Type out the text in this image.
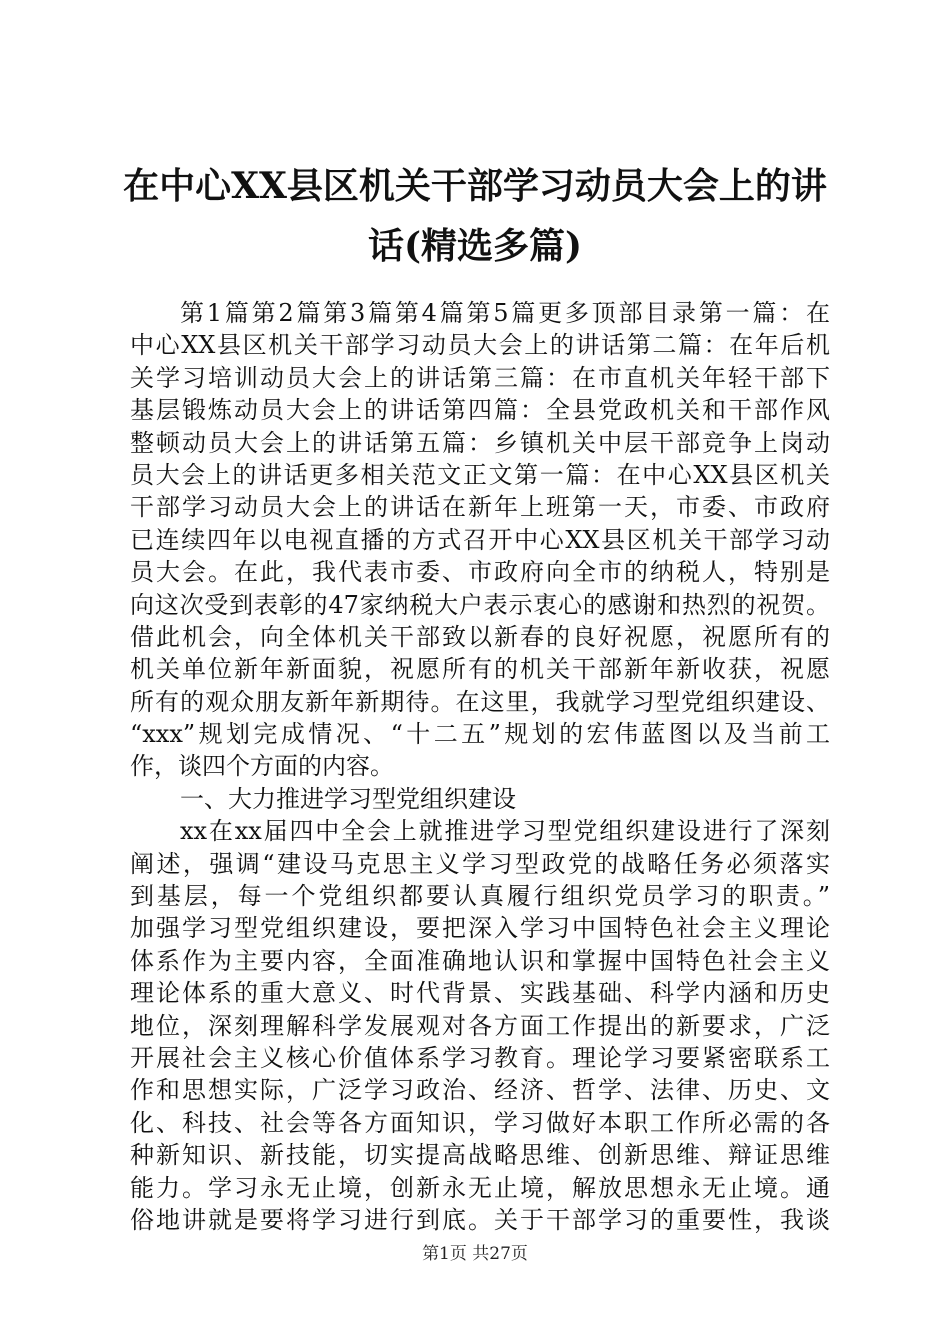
在中心XX县区机关干部学习动员大会上的讲
话(精选多篇)
第1篇第2篇第3篇第4篇第5篇更多顶部目录第一篇：在
中心XX县区机关干部学习动员大会上的讲话第二篇：在年后机
关学习培训动员大会上的讲话第三篇：在市直机关年轻干部下
基层锻炼动员大会上的讲话第四篇：全县党政机关和干部作风
整顿动员大会上的讲话第五篇：乡镇机关中层干部竞争上岗动
员大会上的讲话更多相关范文正文第一篇：在中心XX县区机关
干部学习动员大会上的讲话在新年上班第一天，市委、市政府
已连续四年以电视直播的方式召开中心XX县区机关干部学习动
员大会。在此，我代表市委、市政府向全市的纳税人，特别是
向这次受到表彰的47家纳税大户表示衷心的感谢和热烈的祝贺。
借此机会，向全体机关干部致以新春的良好祝愿，祝愿所有的
机关单位新年新面貌，祝愿所有的机关干部新年新收获，祝愿
所有的观众朋友新年新期待。在这里，我就学习型党组织建设、
“xxx”规划完成情况、“十二五”规划的宏伟蓝图以及当前工
作，谈四个方面的内容。
一、大力推进学习型党组织建设
xx在xx届四中全会上就推进学习型党组织建设进行了深刻
阐述，强调“建设马克思主义学习型政党的战略任务必须落实
到基层，每一个党组织都要认真履行组织党员学习的职责。”
加强学习型党组织建设，要把深入学习中国特色社会主义理论
体系作为主要内容，全面准确地认识和掌握中国特色社会主义
理论体系的重大意义、时代背景、实践基础、科学内涵和历史
地位，深刻理解科学发展观对各方面工作提出的新要求，广泛
开展社会主义核心价值体系学习教育。理论学习要紧密联系工
作和思想实际，广泛学习政治、经济、哲学、法律、历史、文
化、科技、社会等各方面知识，学习做好本职工作所必需的各
种新知识、新技能，切实提高战略思维、创新思维、辩证思维
能力。学习永无止境，创新永无止境，解放思想永无止境。通
俗地讲就是要将学习进行到底。关于干部学习的重要性，我谈
第1页 共27页
